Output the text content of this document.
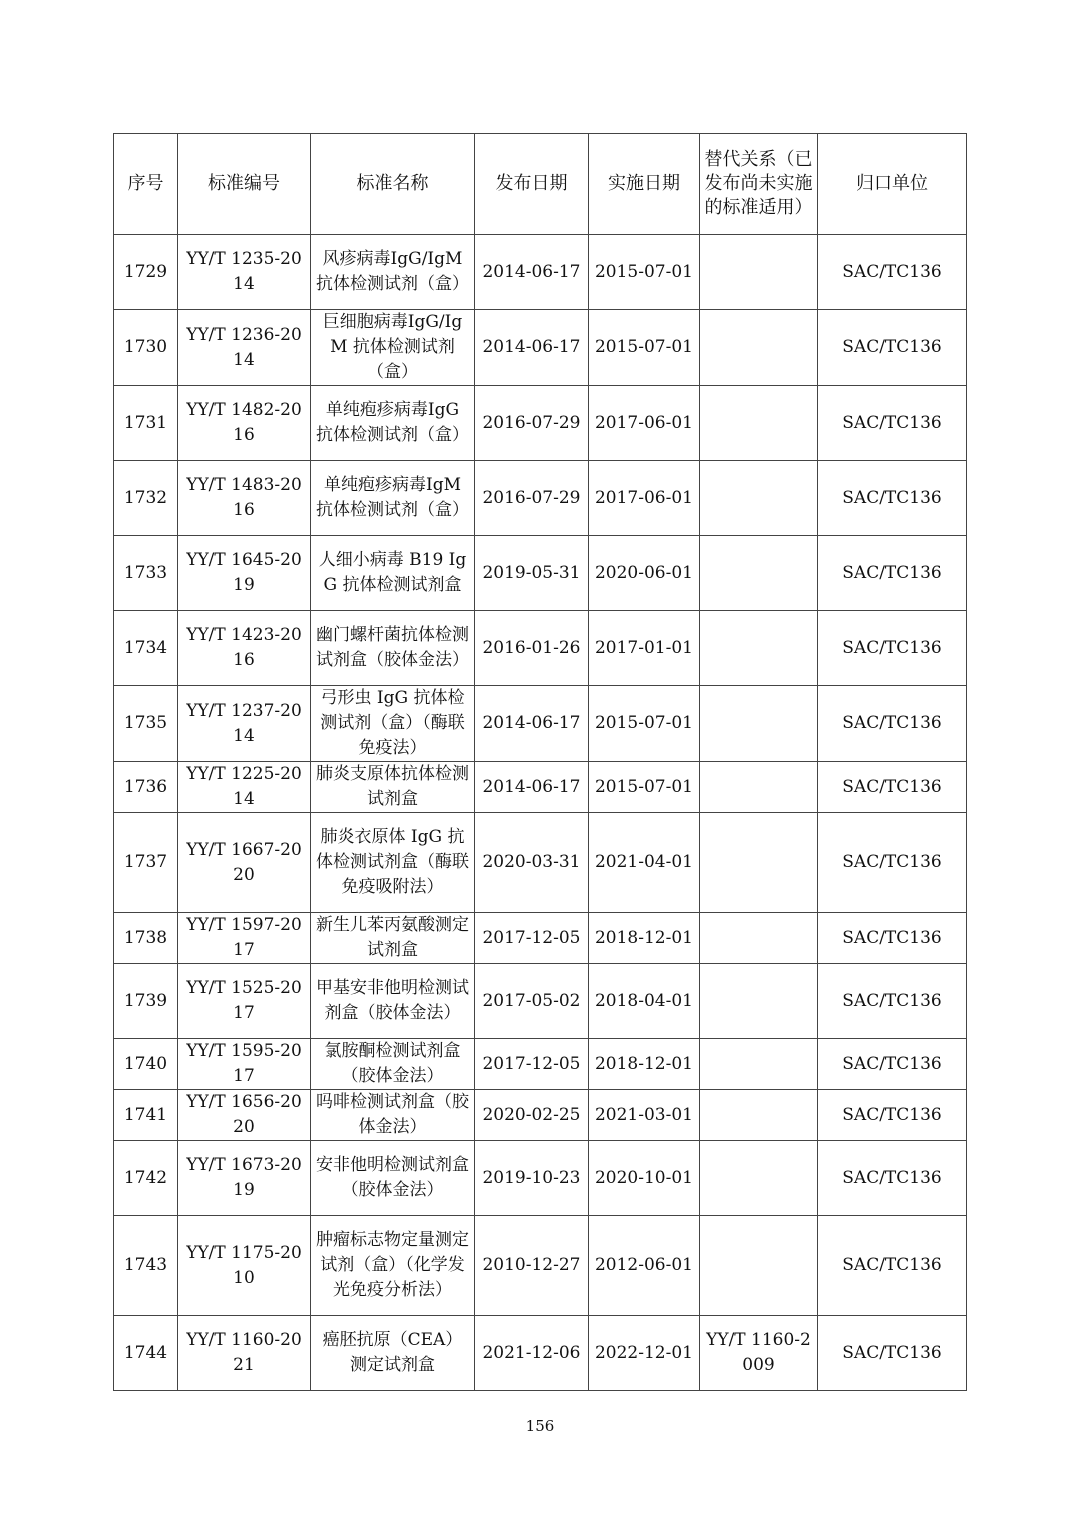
序号	标准编号	标准名称	发布日期	实施日期	替代关系（已发布尚未实施的标准适用）	归口单位
1729	YY/T 1235-2014	风疹病毒IgG/IgM 抗体检测试剂（盒）	2014-06-17	2015-07-01		SAC/TC136
1730	YY/T 1236-2014	巨细胞病毒IgG/IgM 抗体检测试剂（盒）	2014-06-17	2015-07-01		SAC/TC136
1731	YY/T 1482-2016	单纯疱疹病毒IgG 抗体检测试剂（盒）	2016-07-29	2017-06-01		SAC/TC136
1732	YY/T 1483-2016	单纯疱疹病毒IgM 抗体检测试剂（盒）	2016-07-29	2017-06-01		SAC/TC136
1733	YY/T 1645-2019	人细小病毒 B19 IgG 抗体检测试剂盒	2019-05-31	2020-06-01		SAC/TC136
1734	YY/T 1423-2016	幽门螺杆菌抗体检测试剂盒（胶体金法）	2016-01-26	2017-01-01		SAC/TC136
1735	YY/T 1237-2014	弓形虫 IgG 抗体检测试剂（盒）（酶联免疫法）	2014-06-17	2015-07-01		SAC/TC136
1736	YY/T 1225-2014	肺炎支原体抗体检测试剂盒	2014-06-17	2015-07-01		SAC/TC136
1737	YY/T 1667-2020	肺炎衣原体 IgG 抗体检测试剂盒（酶联免疫吸附法）	2020-03-31	2021-04-01		SAC/TC136
1738	YY/T 1597-2017	新生儿苯丙氨酸测定试剂盒	2017-12-05	2018-12-01		SAC/TC136
1739	YY/T 1525-2017	甲基安非他明检测试剂盒（胶体金法）	2017-05-02	2018-04-01		SAC/TC136
1740	YY/T 1595-2017	氯胺酮检测试剂盒（胶体金法）	2017-12-05	2018-12-01		SAC/TC136
1741	YY/T 1656-2020	吗啡检测试剂盒（胶体金法）	2020-02-25	2021-03-01		SAC/TC136
1742	YY/T 1673-2019	安非他明检测试剂盒（胶体金法）	2019-10-23	2020-10-01		SAC/TC136
1743	YY/T 1175-2010	肿瘤标志物定量测定试剂（盒）（化学发光免疫分析法）	2010-12-27	2012-06-01		SAC/TC136
1744	YY/T 1160-2021	癌胚抗原（CEA）测定试剂盒	2021-12-06	2022-12-01	YY/T 1160-2009	SAC/TC136
156
